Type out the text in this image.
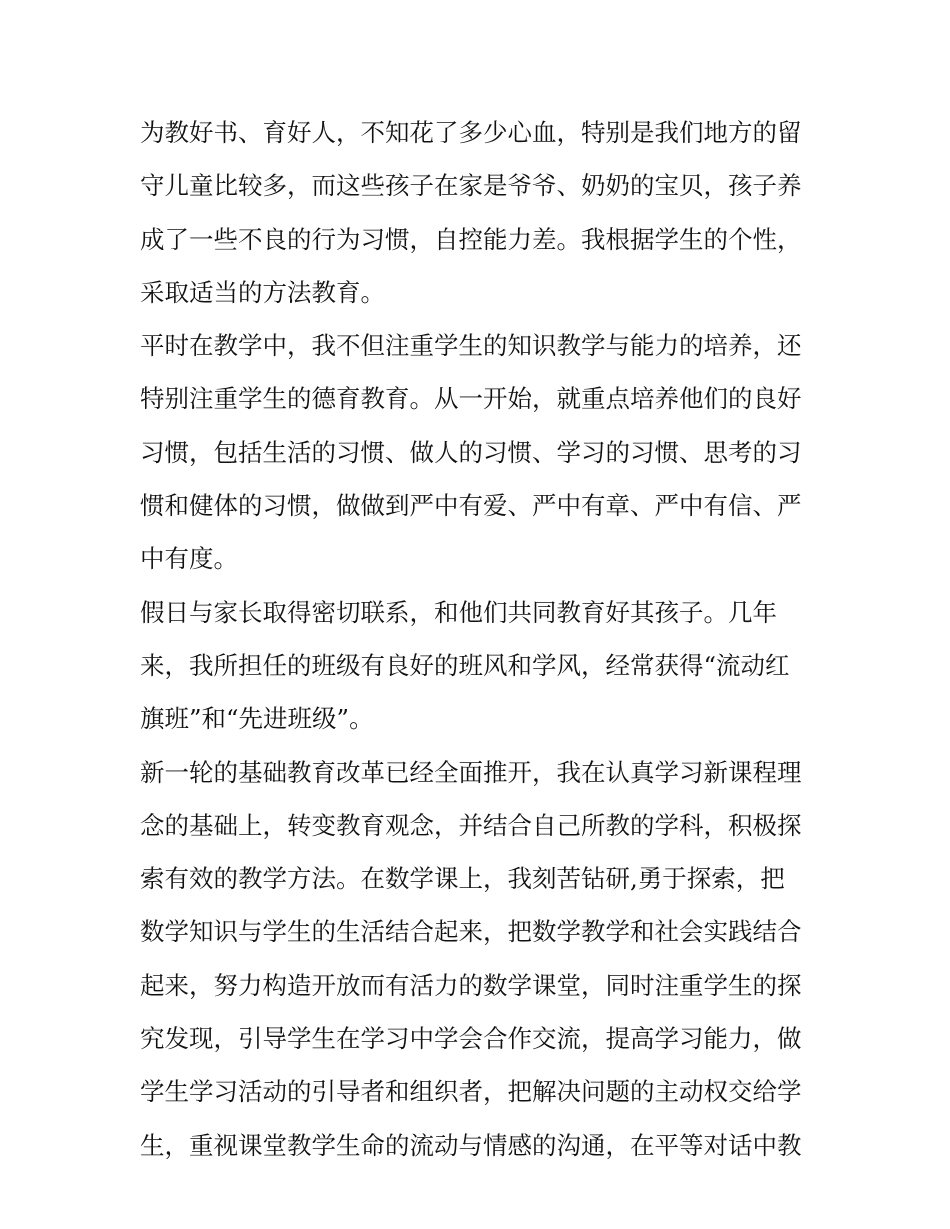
为教好书、育好人，不知花了多少心血，特别是我们地方的留
守儿童比较多，而这些孩子在家是爷爷、奶奶的宝贝，孩子养
成了一些不良的行为习惯，自控能力差。我根据学生的个性，
采取适当的方法教育。
平时在教学中，我不但注重学生的知识教学与能力的培养，还
特别注重学生的德育教育。从一开始，就重点培养他们的良好
习惯，包括生活的习惯、做人的习惯、学习的习惯、思考的习
惯和健体的习惯，做做到严中有爱、严中有章、严中有信、严
中有度。
假日与家长取得密切联系，和他们共同教育好其孩子。几年
来，我所担任的班级有良好的班风和学风，经常获得“流动红
旗班”和“先进班级”。
新一轮的基础教育改革已经全面推开，我在认真学习新课程理
念的基础上，转变教育观念，并结合自己所教的学科，积极探
索有效的教学方法。在数学课上，我刻苦钻研,勇于探索，把
数学知识与学生的生活结合起来，把数学教学和社会实践结合
起来，努力构造开放而有活力的数学课堂，同时注重学生的探
究发现，引导学生在学习中学会合作交流，提高学习能力，做
学生学习活动的引导者和组织者，把解决问题的主动权交给学
生，重视课堂教学生命的流动与情感的沟通，在平等对话中教
